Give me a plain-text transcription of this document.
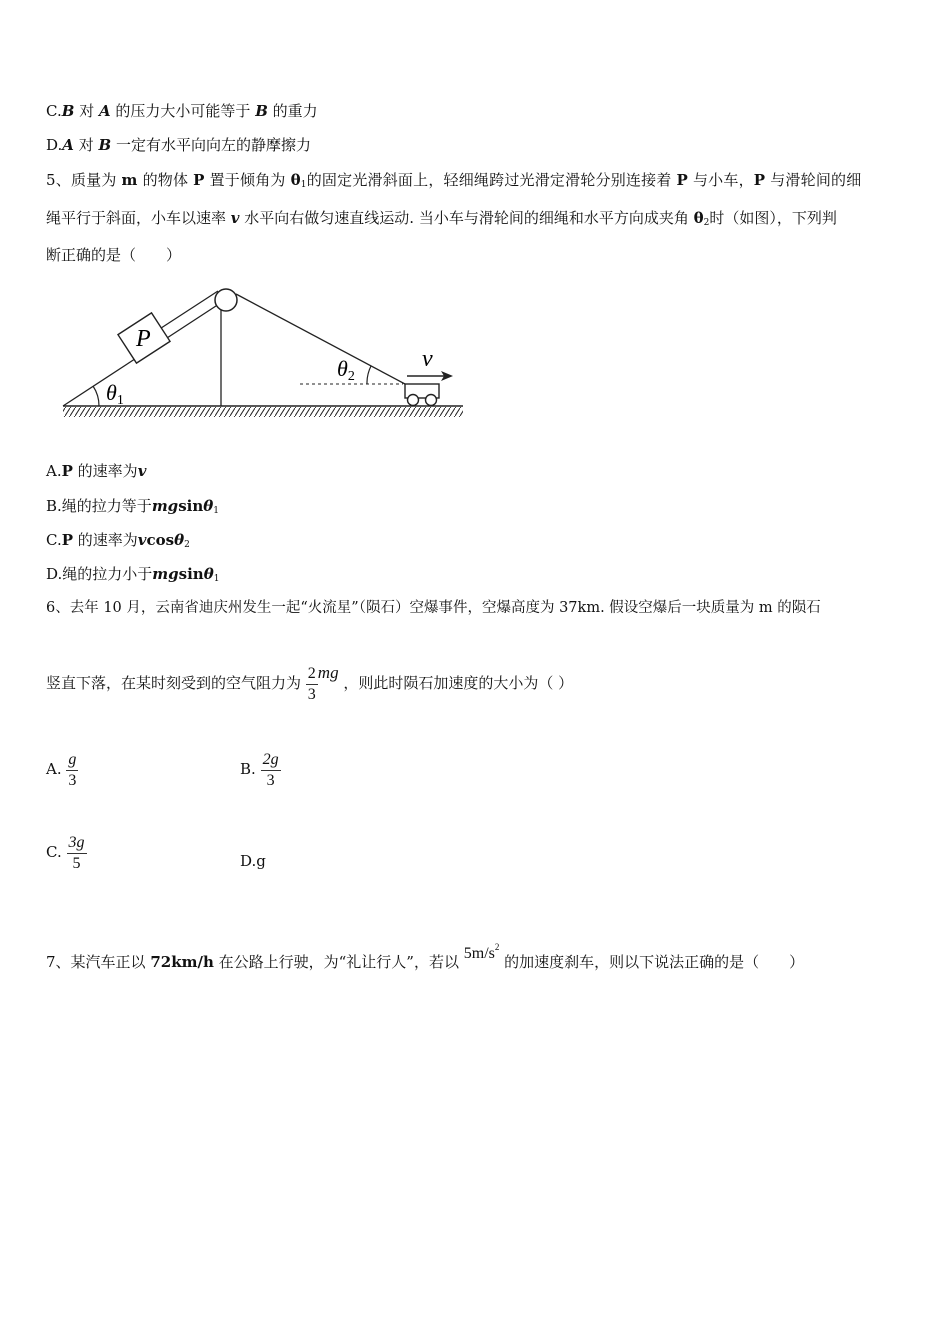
C.B 对 A 的压力大小可能等于 B 的重力
D.A 对 B 一定有水平向向左的静摩擦力
5、质量为 m 的物体 P 置于倾角为 $\theta_1$的固定光滑斜面上，轻细绳跨过光滑定滑轮分别连接着 P 与小车，P 与滑轮间的细
绳平行于斜面，小车以速率 v 水平向右做匀速直线运动. 当小车与滑轮间的细绳和水平方向成夹角 $\theta_2$时（如图），下列判
断正确的是（　　）
P
θ1
θ2
v
A.P 的速率为v
B.绳的拉力等于mgsinθ$_1$
C.P 的速率为vcosθ$_2$
D.绳的拉力小于mgsinθ$_1$
6、去年 10 月，云南省迪庆州发生一起“火流星”（陨石）空爆事件，空爆高度为 37km. 假设空爆后一块质量为 m 的陨石
竖直下落，在某时刻受到的空气阻力为 $\frac{2}{3}$ mg ，则此时陨石加速度的大小为（ ）
A. $\frac{g}{3}$	B. $\frac{2g}{3}$
C. $\frac{3g}{5}$	D.g
7、某汽车正以 72km/h 在公路上行驶，为“礼让行人”，若以 $5m/s^2$ 的加速度刹车，则以下说法正确的是（　　）
